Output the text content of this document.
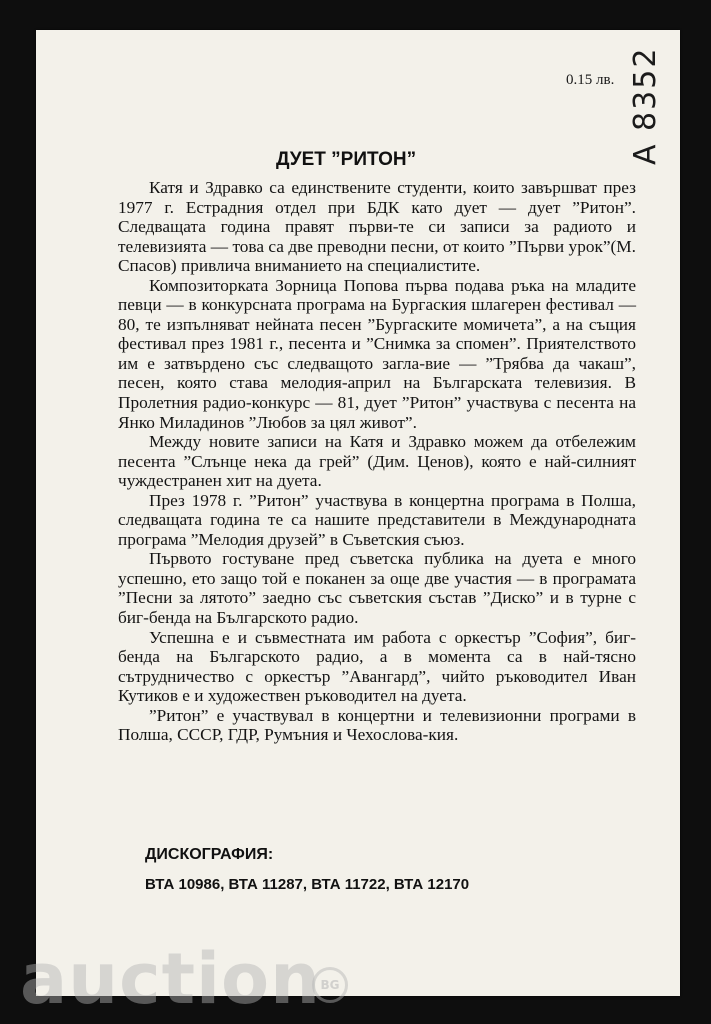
0.15 лв. A 8352
ДУЕТ ”РИТОН”

Катя и Здравко са единствените студенти, които завършват през 1977 г. Естрадния отдел при БДК като дует — дует ”Ритон”. Следващата година правят първи-те си записи за радиото и телевизията — това са две преводни песни, от които ”Първи урок”(М. Спасов) привлича вниманието на специалистите.

Композиторката Зорница Попова първа подава ръка на младите певци — в конкурсната програма на Бургаския шлагерен фестивал — 80, те изпълняват нейната песен ”Бургаските момичета”, а на същия фестивал през 1981 г., песента и ”Снимка за спомен”. Приятелството им е затвърдено със следващото загла-вие — ”Трябва да чакаш”, песен, която става мелодия-април на Българската телевизия. В Пролетния радио-конкурс — 81, дует ”Ритон” участвува с песента на Янко Миладинов ”Любов за цял живот”.

Между новите записи на Катя и Здравко можем да отбележим песента ”Слънце нека да грей” (Дим. Ценов), която е най-силният чуждестранен хит на дуета.

През 1978 г. ”Ритон” участвува в концертна програма в Полша, следващата година те са нашите представители в Международната програма ”Мелодия друзей” в Съветския съюз.

Първото гостуване пред съветска публика на дуета е много успешно, ето защо той е поканен за още две участия — в програмата ”Песни за лятото” заедно със съветския състав ”Диско” и в турне с биг-бенда на Българското радио.

Успешна е и съвместната им работа с оркестър ”София”, биг-бенда на Българското радио, а в момента са в най-тясно сътрудничество с оркестър ”Авангард”, чийто ръководител Иван Кутиков е и художествен ръководител на дуета.

”Ритон” е участвувал в концертни и телевизионни програми в Полша, СССР, ГДР, Румъния и Чехослова-кия.

ДИСКОГРАФИЯ:
ВТА 10986, ВТА 11287, ВТА 11722, ВТА 12170
auction BG
